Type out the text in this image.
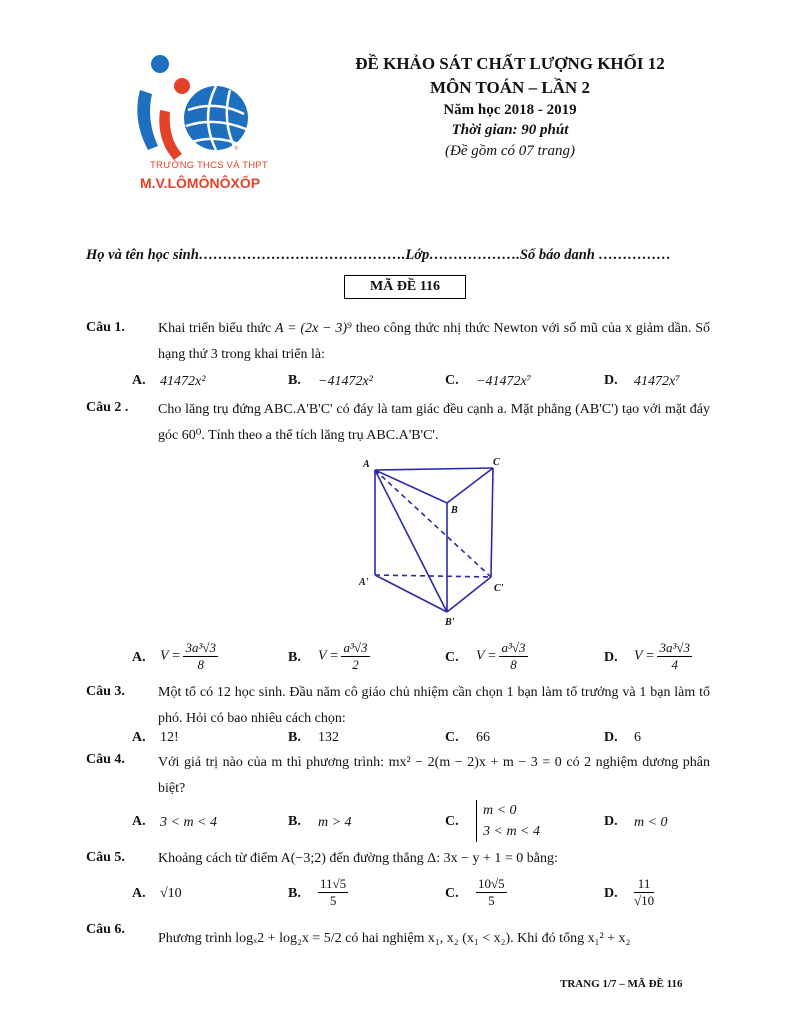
®
TRƯỜNG THCS VÀ THPT
M.V.LÔMÔNÔXỐP
ĐỀ KHẢO SÁT CHẤT LƯỢNG KHỐI 12
MÔN TOÁN – LẦN 2
Năm học 2018 - 2019
Thời gian: 90 phút
(Đề gồm có 07 trang)
Họ và tên học sinh…………………………………….Lớp……………….Số báo danh ……………
MÃ ĐỀ 116
Câu 1. Khai triển biểu thức A = (2x − 3)⁹ theo công thức nhị thức Newton với số mũ của x giảm dần. Số hạng thứ 3 trong khai triển là:
A. 41472x²	B. −41472x²	C. −41472x⁷	D. 41472x⁷
Câu 2 . Cho lăng trụ đứng ABC.A'B'C' có đáy là tam giác đều cạnh a. Mặt phẳng (AB'C') tạo với mặt đáy góc 60⁰. Tính theo a thể tích lăng trụ ABC.A'B'C'.
A	C
B
A'
C'
B'
A. $V = \frac{\text{3a³√3}}{8}$	B. $V = \frac{\text{a³√3}}{2}$	C. $V = \frac{\text{a³√3}}{8}$	D. $V = \frac{\text{3a³√3}}{4}$
Câu 3. Một tổ có 12 học sinh. Đầu năm cô giáo chủ nhiệm cần chọn 1 bạn làm tổ trưởng và 1 bạn làm tổ phó. Hỏi có bao nhiêu cách chọn:
A. 12!	B. 132	C. 66	D. 6
Câu 4. Với giá trị nào của m thì phương trình: mx² − 2(m − 2)x + m − 3 = 0 có 2 nghiệm dương phân biệt?
A. 3 < m < 4	B. m > 4	C.
m < 0
3 < m < 4
D. m < 0
Câu 5. Khoảng cách từ điểm A(−3;2) đến đường thẳng Δ: 3x − y + 1 = 0 bằng:
A. √10	B. $\frac{11√5}{5}$	C. $\frac{10√5}{5}$	D. $\frac{11}{√10}$
Câu 6.
Phương trình logₓ2 + log₂x = 5/2 có hai nghiệm x₁, x₂ (x₁ < x₂). Khi đó tổng x₁² + x₂
TRANG 1/7 – MÃ ĐỀ 116
